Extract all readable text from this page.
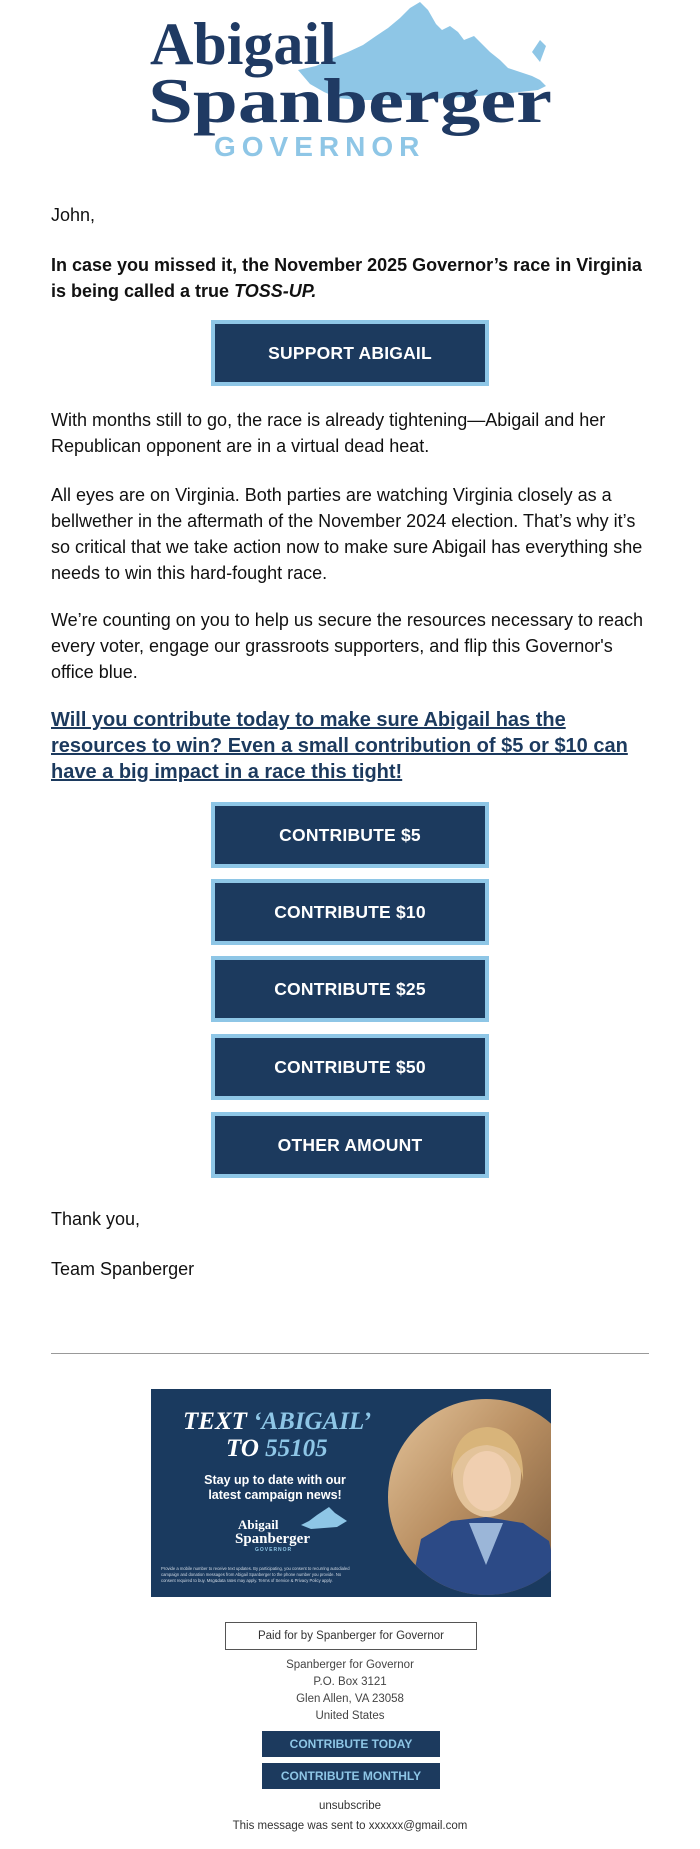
Abigail
Spanberger
GOVERNOR
John,
In case you missed it, the November 2025 Governor’s race in Virginia is being called a true TOSS-UP.
SUPPORT ABIGAIL
With months still to go, the race is already tightening—Abigail and her Republican opponent are in a virtual dead heat.
All eyes are on Virginia. Both parties are watching Virginia closely as a bellwether in the aftermath of the November 2024 election. That’s why it’s so critical that we take action now to make sure Abigail has everything she needs to win this hard-fought race.
We’re counting on you to help us secure the resources necessary to reach every voter, engage our grassroots supporters, and flip this Governor's office blue.
Will you contribute today to make sure Abigail has the resources to win? Even a small contribution of $5 or $10 can have a big impact in a race this tight!
CONTRIBUTE $5
CONTRIBUTE $10
CONTRIBUTE $25
CONTRIBUTE $50
OTHER AMOUNT
Thank you,
Team Spanberger
TEXT ‘ABIGAIL’
TO 55105
Stay up to date with our
latest campaign news!
Abigail
Spanberger
GOVERNOR
Provide a mobile number to receive text updates. By participating, you consent to recurring autodialed
campaign and donation messages from Abigail Spanberger to the phone number you provide. No
consent required to buy. Msg&data rates may apply. Terms of Service & Privacy Policy apply.
Paid for by Spanberger for Governor
Spanberger for Governor
P.O. Box 3121
Glen Allen, VA 23058
United States
CONTRIBUTE TODAY
CONTRIBUTE MONTHLY
unsubscribe
This message was sent to xxxxxx@gmail.com
